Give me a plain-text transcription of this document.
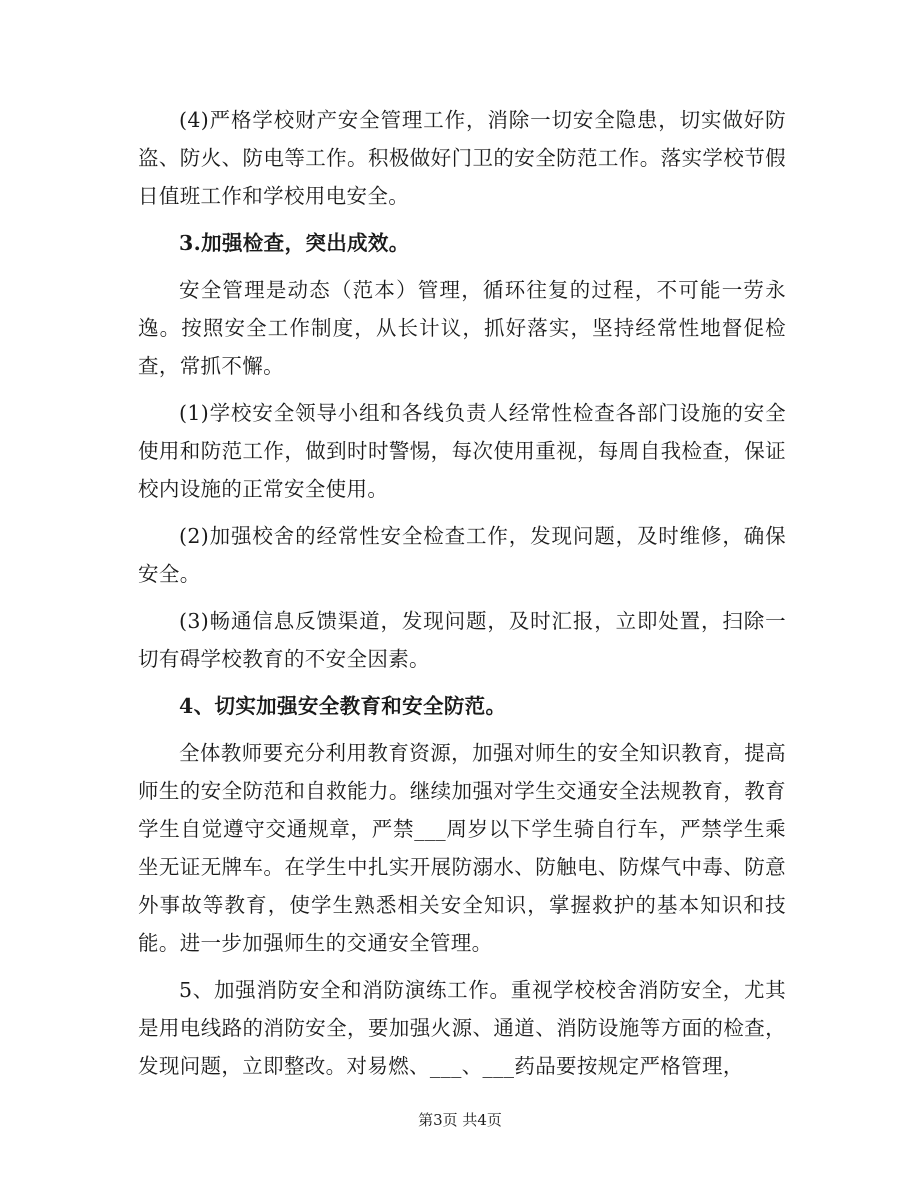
(4)严格学校财产安全管理工作，消除一切安全隐患，切实做好防盗、防火、防电等工作。积极做好门卫的安全防范工作。落实学校节假日值班工作和学校用电安全。

3.加强检查，突出成效。

安全管理是动态（范本）管理，循环往复的过程，不可能一劳永逸。按照安全工作制度，从长计议，抓好落实，坚持经常性地督促检查，常抓不懈。

(1)学校安全领导小组和各线负责人经常性检查各部门设施的安全使用和防范工作，做到时时警惕，每次使用重视，每周自我检查，保证校内设施的正常安全使用。

(2)加强校舍的经常性安全检查工作，发现问题，及时维修，确保安全。

(3)畅通信息反馈渠道，发现问题，及时汇报，立即处置，扫除一切有碍学校教育的不安全因素。

4、切实加强安全教育和安全防范。

全体教师要充分利用教育资源，加强对师生的安全知识教育，提高师生的安全防范和自救能力。继续加强对学生交通安全法规教育，教育学生自觉遵守交通规章，严禁___周岁以下学生骑自行车，严禁学生乘坐无证无牌车。在学生中扎实开展防溺水、防触电、防煤气中毒、防意外事故等教育，使学生熟悉相关安全知识，掌握救护的基本知识和技能。进一步加强师生的交通安全管理。

5、加强消防安全和消防演练工作。重视学校校舍消防安全，尤其是用电线路的消防安全，要加强火源、通道、消防设施等方面的检查，发现问题，立即整改。对易燃、___、___药品要按规定严格管理，

第3页 共4页
